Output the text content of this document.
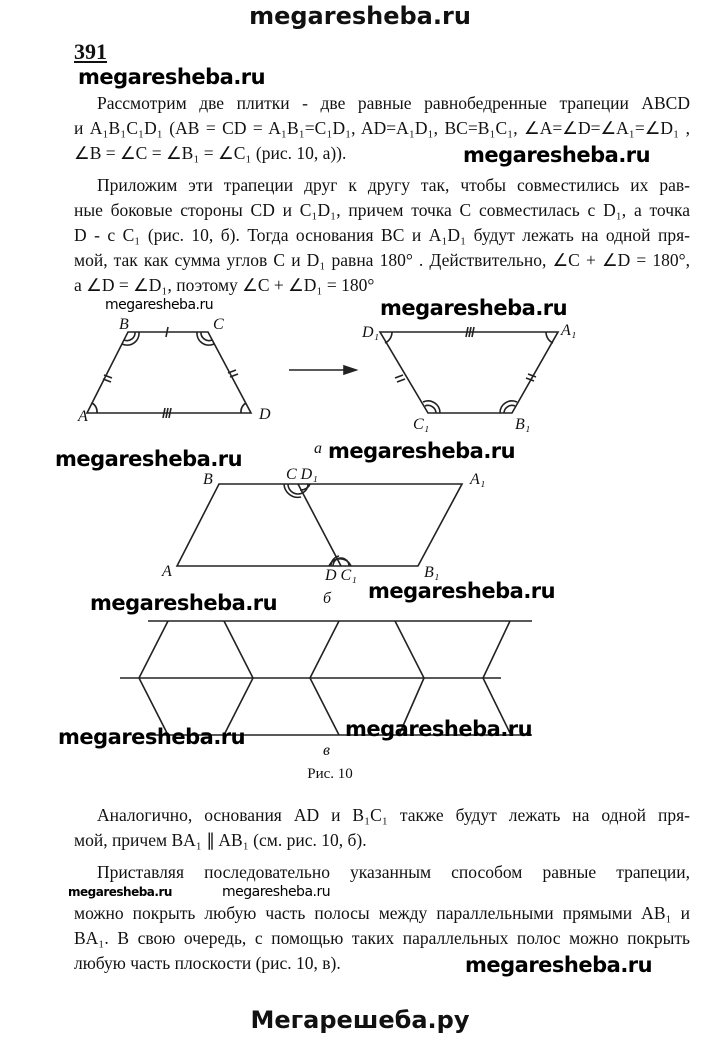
megaresheba.ru
391
Рассмотрим две плитки - две равные равнобедренные трапеции ABCD
и A₁B₁C₁D₁ (AB = CD = A₁B₁=C₁D₁, AD=A₁D₁, BC=B₁C₁, ∠A=∠D=∠A₁=∠D₁ ,
∠B = ∠C = ∠B₁ = ∠C₁ (рис. 10, а)).
Приложим эти трапеции друг к другу так, чтобы совместились их рав-
ные боковые стороны CD и C₁D₁, причем точка C совместилась с D₁, а точка
D - с C₁ (рис. 10, б). Тогда основания BC и A₁D₁ будут лежать на одной пря-
мой, так как сумма углов C и D₁ равна 180° . Действительно, ∠C + ∠D = 180°,
а ∠D = ∠D₁, поэтому ∠C + ∠D₁ = 180°
A
B	C
D
D₁	A₁
C₁	B₁
a
B	C D₁	A₁
A	D C₁	B₁
б
в
Рис. 10
Аналогично, основания AD и B₁C₁ также будут лежать на одной пря-
мой, причем BA₁ ∥ AB₁ (см. рис. 10, б).
Приставляя последовательно указанным способом равные трапеции,
можно покрыть любую часть полосы между параллельными прямыми AB₁ и
BA₁. В свою очередь, с помощью таких параллельных полос можно покрыть
любую часть плоскости (рис. 10, в).
megaresheba.ru
megaresheba.ru
megaresheba.ru	megaresheba.ru
megaresheba.ru	megaresheba.ru
megaresheba.ru
megaresheba.ru
megaresheba.ru	megaresheba.ru
megaresheba.ru	megaresheba.ru
megaresheba.ru
Мегарешеба.ру
